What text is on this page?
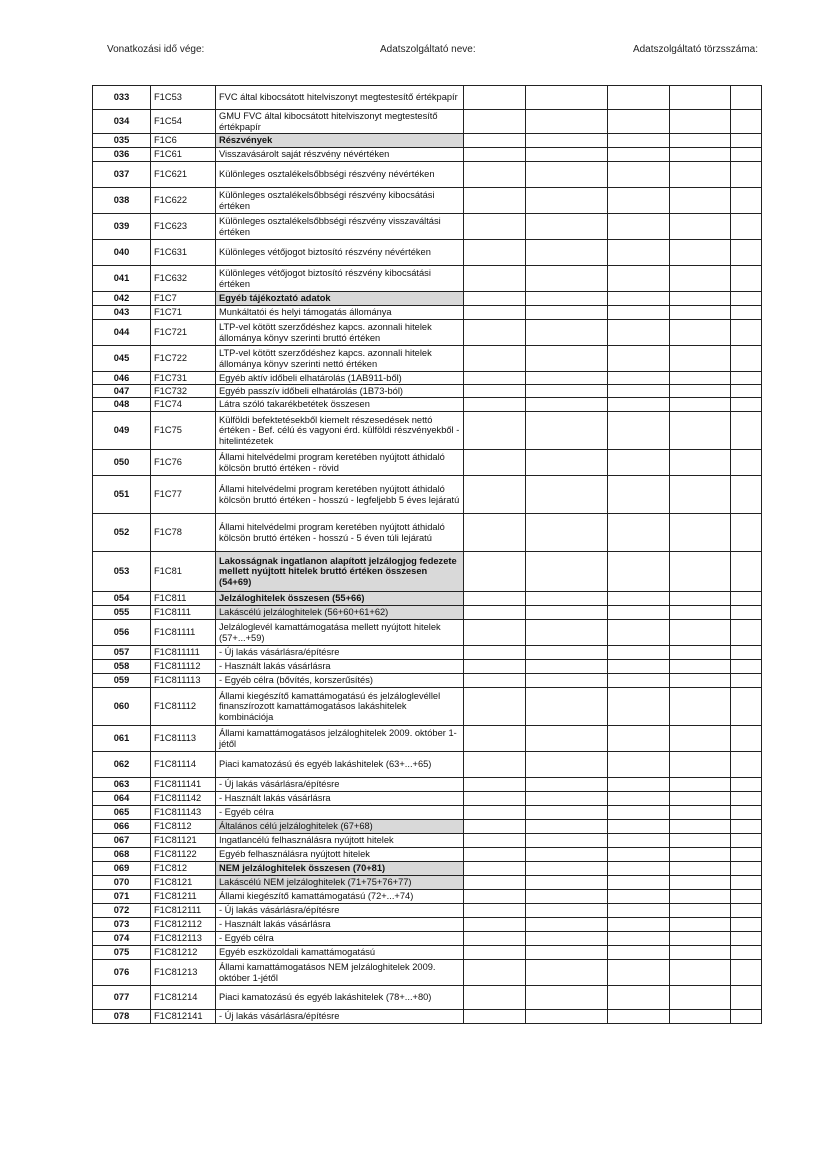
Vonatkozási idő vége:	Adatszolgáltató neve:	Adatszolgáltató törzsszáma:
033	F1C53	FVC által kibocsátott hitelviszonyt megtestesítő értékpapír					
034	F1C54	GMU FVC által kibocsátott hitelviszonyt megtestesítő értékpapír					
035	F1C6	Részvények					
036	F1C61	Visszavásárolt saját részvény névértéken					
037	F1C621	Különleges osztalékelsőbbségi részvény névértéken					
038	F1C622	Különleges osztalékelsőbbségi részvény kibocsátási értéken					
039	F1C623	Különleges osztalékelsőbbségi részvény visszaváltási értéken					
040	F1C631	Különleges vétőjogot biztosító részvény névértéken					
041	F1C632	Különleges vétőjogot biztosító részvény kibocsátási értéken					
042	F1C7	Egyéb tájékoztató adatok					
043	F1C71	Munkáltatói és helyi támogatás állománya					
044	F1C721	LTP-vel kötött szerződéshez kapcs. azonnali hitelek állománya könyv szerinti bruttó értéken					
045	F1C722	LTP-vel kötött szerződéshez kapcs. azonnali hitelek állománya könyv szerinti nettó értéken					
046	F1C731	Egyéb aktív időbeli elhatárolás (1AB911-ből)					
047	F1C732	Egyéb passzív időbeli elhatárolás (1B73-ból)					
048	F1C74	Látra szóló takarékbetétek összesen					
049	F1C75	Külföldi befektetésekből kiemelt részesedések nettó értéken - Bef. célú és vagyoni érd. külföldi részvényekből - hitelintézetek					
050	F1C76	Állami hitelvédelmi program keretében nyújtott áthidaló kölcsön bruttó értéken - rövid					
051	F1C77	Állami hitelvédelmi program keretében nyújtott áthidaló kölcsön bruttó értéken - hosszú - legfeljebb 5 éves lejáratú					
052	F1C78	Állami hitelvédelmi program keretében nyújtott áthidaló kölcsön bruttó értéken - hosszú - 5 éven túli lejáratú					
053	F1C81	Lakosságnak ingatlanon alapított jelzálogjog fedezete mellett nyújtott hitelek bruttó értéken összesen (54+69)					
054	F1C811	Jelzáloghitelek összesen (55+66)					
055	F1C8111	Lakáscélú jelzáloghitelek (56+60+61+62)					
056	F1C81111	Jelzáloglevél kamattámogatása mellett nyújtott hitelek (57+...+59)					
057	F1C811111	- Új lakás vásárlásra/építésre					
058	F1C811112	- Használt lakás vásárlásra					
059	F1C811113	- Egyéb célra (bővítés, korszerűsítés)					
060	F1C81112	Állami kiegészítő kamattámogatású és jelzáloglevéllel finanszírozott kamattámogatásos lakáshitelek kombinációja					
061	F1C81113	Állami kamattámogatásos jelzáloghitelek 2009. október 1-jétől					
062	F1C81114	Piaci kamatozású és egyéb lakáshitelek (63+...+65)					
063	F1C811141	- Új lakás vásárlásra/építésre					
064	F1C811142	- Használt lakás vásárlásra					
065	F1C811143	- Egyéb célra					
066	F1C8112	Általános célú jelzáloghitelek (67+68)					
067	F1C81121	Ingatlancélú felhasználásra nyújtott hitelek					
068	F1C81122	Egyéb felhasználásra nyújtott hitelek					
069	F1C812	NEM jelzáloghitelek összesen (70+81)					
070	F1C8121	Lakáscélú NEM jelzáloghitelek (71+75+76+77)					
071	F1C81211	Állami kiegészítő kamattámogatású (72+...+74)					
072	F1C812111	- Új lakás vásárlásra/építésre					
073	F1C812112	- Használt lakás vásárlásra					
074	F1C812113	- Egyéb célra					
075	F1C81212	Egyéb eszközoldali kamattámogatású					
076	F1C81213	Állami kamattámogatásos NEM jelzáloghitelek 2009. október 1-jétől					
077	F1C81214	Piaci kamatozású és egyéb lakáshitelek (78+...+80)					
078	F1C812141	- Új lakás vásárlásra/építésre					
